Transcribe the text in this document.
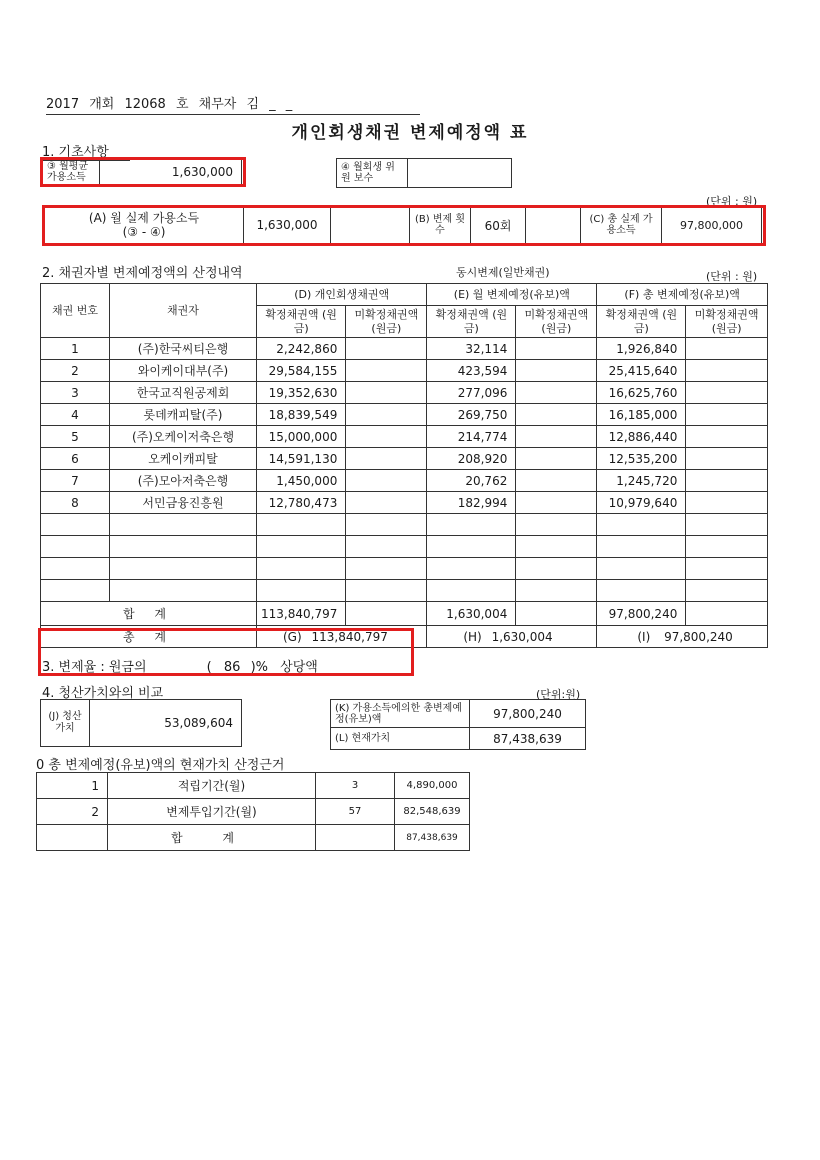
2017 개회 12068 호 채무자 김 _ _
개인회생채권 변제예정액 표
1. 기초사항
③ 월평균 가용소득	1,630,000	④ 월회생 위원 보수	
(단위 : 원)
(A) 월 실제 가용소득
(③ - ④)	1,630,000		(B) 변제 횟수	60회		(C) 총 실제 가용소득	97,800,000
2. 채권자별 변제예정액의 산정내역	동시변제(일반채권)	(단위 : 원)
채권 번호	채권자	(D) 개인회생채권액		(E) 월 변제예정(유보)액		(F) 총 변제예정(유보)액	
		확정채권액 (원금)	미확정채권액 (원금)	확정채권액 (원금)	미확정채권액 (원금)	확정채권액 (원금)	미확정채권액 (원금)
1	(주)한국씨티은행	2,242,860		32,114		1,926,840	
2	와이케이대부(주)	29,584,155		423,594		25,415,640	
3	한국교직원공제회	19,352,630		277,096		16,625,760	
4	롯데캐피탈(주)	18,839,549		269,750		16,185,000	
5	(주)오케이저축은행	15,000,000		214,774		12,886,440	
6	오케이캐피탈	14,591,130		208,920		12,535,200	
7	(주)모아저축은행	1,450,000		20,762		1,245,720	
8	서민금융진흥원	12,780,473		182,994		10,979,640	

합 계		113,840,797		1,630,004		97,800,240	
총 계		(G) 113,840,797		(H) 1,630,004		(I) 97,800,240	
3. 변제율 : 원금의	( 86 )% 상당액
4. 청산가치와의 비교	(단위:원)
(J) 청산 가치	53,089,604
(K) 가용소득에의한 총변제예정(유보)액	97,800,240
(L) 현재가치	87,438,639
0 총 변제예정(유보)액의 현재가치 산정근거
1	적립기간(월)	3	4,890,000
2	변제투입기간(월)	57	82,548,639
	합 계		87,438,639
